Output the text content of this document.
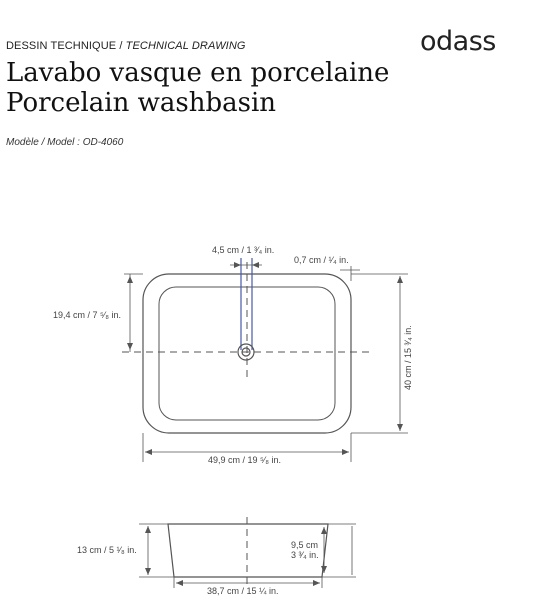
DESSIN TECHNIQUE / TECHNICAL DRAWING	odass
Lavabo vasque en porcelaine
Porcelain washbasin
Modèle / Model : OD-4060
4,5 cm / 1 ³⁄₄ in.
0,7 cm / ¹⁄₄ in.
19,4 cm / 7 ⁵⁄₈ in.
40 cm / 15 ³⁄₄ in.
49,9 cm / 19 ⁵⁄₈ in.
13 cm / 5 ¹⁄₈ in.	9,5 cm
3 ³⁄₄ in.
38,7 cm / 15 ¼ in.
